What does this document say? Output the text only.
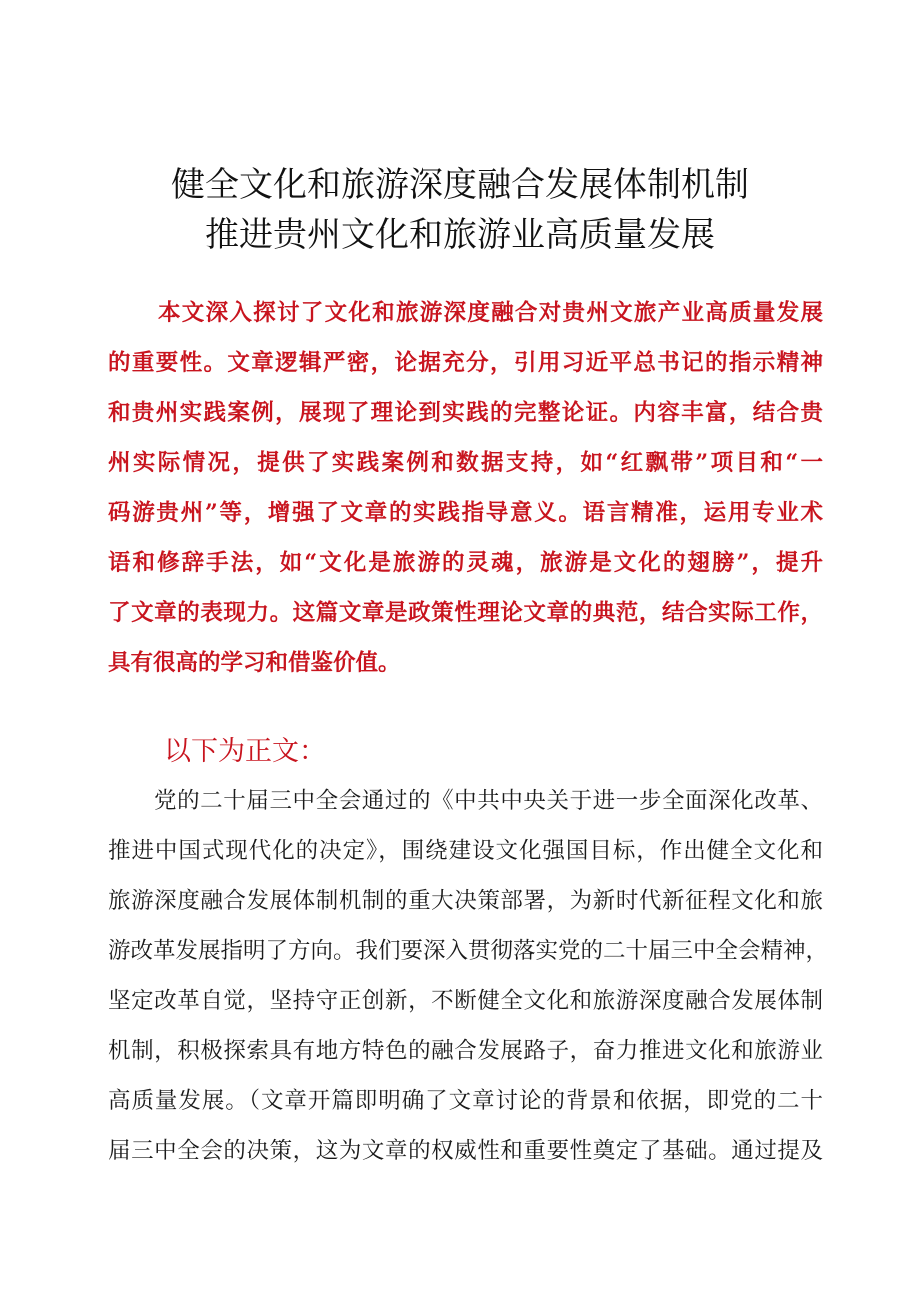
健全文化和旅游深度融合发展体制机制
推进贵州文化和旅游业高质量发展
本文深入探讨了文化和旅游深度融合对贵州文旅产业高质量发展
的重要性。文章逻辑严密，论据充分，引用习近平总书记的指示精神
和贵州实践案例，展现了理论到实践的完整论证。内容丰富，结合贵
州实际情况，提供了实践案例和数据支持，如“红飘带”项目和“一
码游贵州”等，增强了文章的实践指导意义。语言精准，运用专业术
语和修辞手法，如“文化是旅游的灵魂，旅游是文化的翅膀”，提升
了文章的表现力。这篇文章是政策性理论文章的典范，结合实际工作，
具有很高的学习和借鉴价值。
以下为正文：
党的二十届三中全会通过的《中共中央关于进一步全面深化改革、
推进中国式现代化的决定》，围绕建设文化强国目标，作出健全文化和
旅游深度融合发展体制机制的重大决策部署，为新时代新征程文化和旅
游改革发展指明了方向。我们要深入贯彻落实党的二十届三中全会精神，
坚定改革自觉，坚持守正创新，不断健全文化和旅游深度融合发展体制
机制，积极探索具有地方特色的融合发展路子，奋力推进文化和旅游业
高质量发展。（文章开篇即明确了文章讨论的背景和依据，即党的二十
届三中全会的决策，这为文章的权威性和重要性奠定了基础。通过提及
